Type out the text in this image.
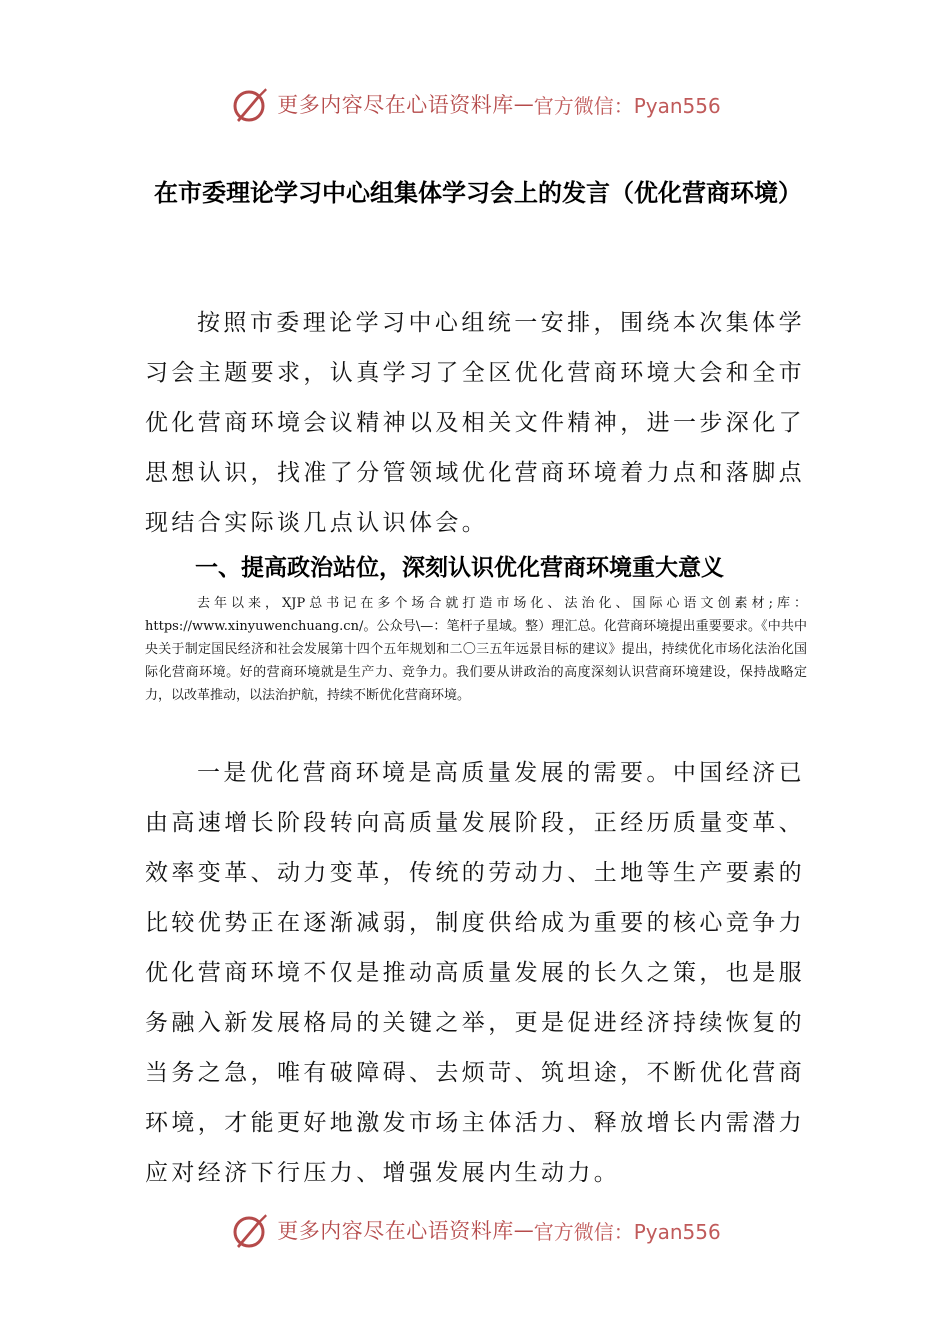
更多内容尽在心语资料库 — 官方微信：Pyan556
在市委理论学习中心组集体学习会上的发言（优化营商环境）

按照市委理论学习中心组统一安排，围绕本次集体学习会主题要求，认真学习了全区优化营商环境大会和全市优化营商环境会议精神以及相关文件精神，进一步深化了思想认识，找准了分管领域优化营商环境着力点和落脚点现结合实际谈几点认识体会。

一、提高政治站位，深刻认识优化营商环境重大意义

去年以来，XJP总书记在多个场合就打造市场化、法治化、国际心语文创素材;库：https://www.xinyuwenchuang.cn/。公众号\—：笔杆子星域。整）理汇总。化营商环境提出重要要求。《中共中央关于制定国民经济和社会发展第十四个五年规划和二〇三五年远景目标的建议》提出，持续优化市场化法治化国际化营商环境。好的营商环境就是生产力、竞争力。我们要从讲政治的高度深刻认识营商环境建设，保持战略定力，以改革推动，以法治护航，持续不断优化营商环境。

一是优化营商环境是高质量发展的需要。中国经济已由高速增长阶段转向高质量发展阶段，正经历质量变革、效率变革、动力变革，传统的劳动力、土地等生产要素的比较优势正在逐渐减弱，制度供给成为重要的核心竞争力优化营商环境不仅是推动高质量发展的长久之策，也是服务融入新发展格局的关键之举，更是促进经济持续恢复的当务之急，唯有破障碍、去烦苛、筑坦途，不断优化营商环境，才能更好地激发市场主体活力、释放增长内需潜力应对经济下行压力、增强发展内生动力。

更多内容尽在心语资料库 — 官方微信：Pyan556
